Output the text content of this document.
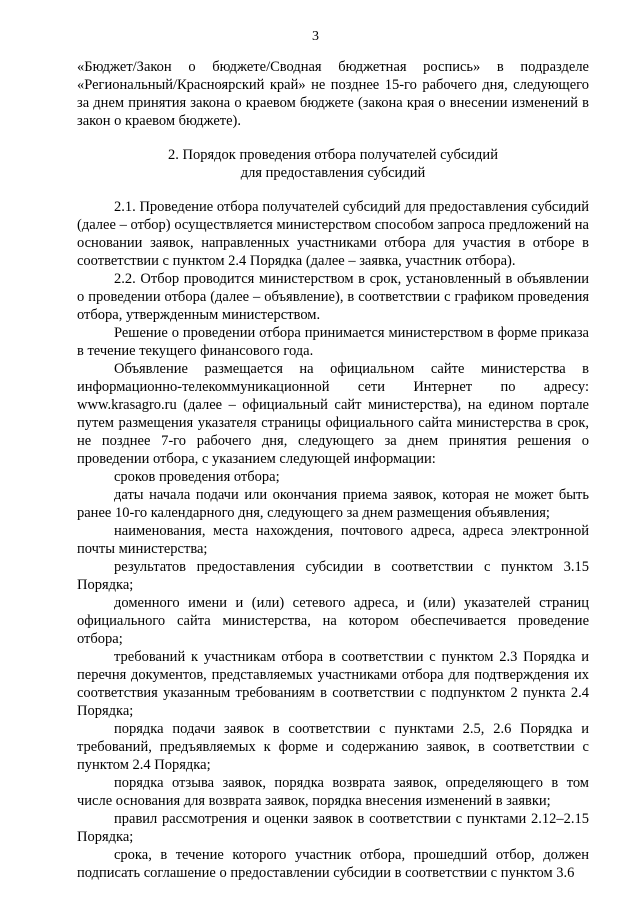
3

«Бюджет/Закон о бюджете/Сводная бюджетная роспись» в подразделе «Региональный/Красноярский край» не позднее 15-го рабочего дня, следующего за днем принятия закона о краевом бюджете (закона края о внесении изменений в закон о краевом бюджете).

2. Порядок проведения отбора получателей субсидий
для предоставления субсидий

2.1. Проведение отбора получателей субсидий для предоставления субсидий (далее – отбор) осуществляется министерством способом запроса предложений на основании заявок, направленных участниками отбора для участия в отборе в соответствии с пунктом 2.4 Порядка (далее – заявка, участник отбора).

2.2. Отбор проводится министерством в срок, установленный в объявлении о проведении отбора (далее – объявление), в соответствии с графиком проведения отбора, утвержденным министерством.

Решение о проведении отбора принимается министерством в форме приказа в течение текущего финансового года.

Объявление размещается на официальном сайте министерства в информационно-телекоммуникационной сети Интернет по адресу: www.krasagro.ru (далее – официальный сайт министерства), на едином портале путем размещения указателя страницы официального сайта министерства в срок, не позднее 7-го рабочего дня, следующего за днем принятия решения о проведении отбора, с указанием следующей информации:

сроков проведения отбора;

даты начала подачи или окончания приема заявок, которая не может быть ранее 10-го календарного дня, следующего за днем размещения объявления;

наименования, места нахождения, почтового адреса, адреса электронной почты министерства;

результатов предоставления субсидии в соответствии с пунктом 3.15 Порядка;

доменного имени и (или) сетевого адреса, и (или) указателей страниц официального сайта министерства, на котором обеспечивается проведение отбора;

требований к участникам отбора в соответствии с пунктом 2.3 Порядка и перечня документов, представляемых участниками отбора для подтверждения их соответствия указанным требованиям в соответствии с подпунктом 2 пункта 2.4 Порядка;

порядка подачи заявок в соответствии с пунктами 2.5, 2.6 Порядка и требований, предъявляемых к форме и содержанию заявок, в соответствии с пунктом 2.4 Порядка;

порядка отзыва заявок, порядка возврата заявок, определяющего в том числе основания для возврата заявок, порядка внесения изменений в заявки;

правил рассмотрения и оценки заявок в соответствии с пунктами 2.12–2.15 Порядка;

срока, в течение которого участник отбора, прошедший отбор, должен подписать соглашение о предоставлении субсидии в соответствии с пунктом 3.6
